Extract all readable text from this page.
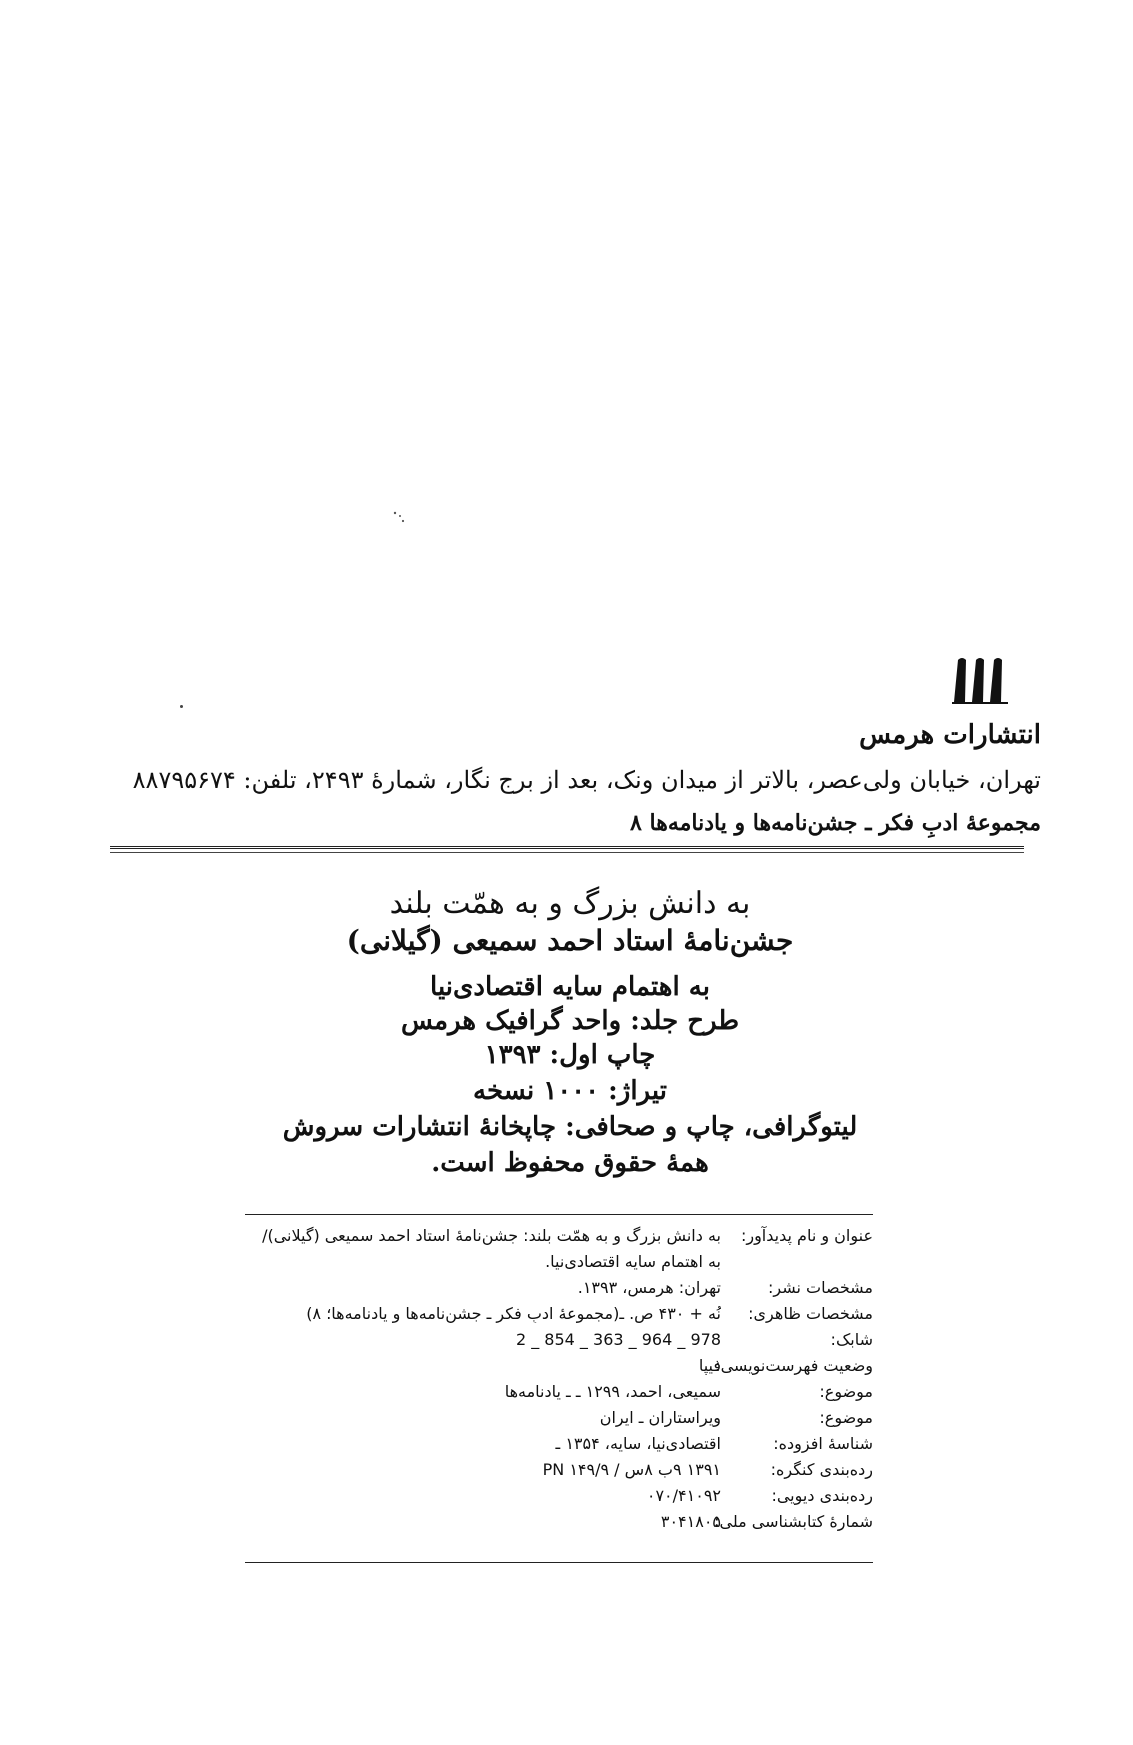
انتشارات هرمس
تهران، خیابان ولی‌عصر، بالاتر از میدان ونک، بعد از برج نگار، شمارهٔ ۲۴۹۳، تلفن: ۸۸۷۹۵۶۷۴
مجموعهٔ ادبِ فکر ـ جشن‌نامه‌ها و یادنامه‌ها ۸
به دانش بزرگ و به همّت بلند
جشن‌نامهٔ استاد احمد سمیعی (گیلانی)
به اهتمام سایه اقتصادی‌نیا
طرح جلد: واحد گرافیک هرمس
چاپ اول: ۱۳۹۳
تیراژ: ۱۰۰۰ نسخه
لیتوگرافی، چاپ و صحافی: چاپخانهٔ انتشارات سروش
همهٔ حقوق محفوظ است.
عنوان و نام پدیدآور:
به دانش بزرگ و به همّت بلند: جشن‌نامهٔ استاد احمد سمیعی (گیلانی)/
به اهتمام سایه اقتصادی‌نیا.
مشخصات نشر:
تهران: هرمس، ۱۳۹۳.
مشخصات ظاهری:
نُه + ۴۳۰ ص. ـ(مجموعهٔ ادبِ فکر ـ جشن‌نامه‌ها و یادنامه‌ها؛ ۸)
شابک:
978 _ 964 _ 363 _ 854 _ 2
وضعیت فهرست‌نویسی:
فیپا
موضوع:
سمیعی، احمد، ۱۲۹۹ ـ ـ یادنامه‌ها
موضوع:
ویراستاران ـ ایران
شناسهٔ افزوده:
اقتصادی‌نیا، سایه، ۱۳۵۴ ـ
رده‌بندی کنگره:
۱۳۹۱ ۹ب ۸س / ۱۴۹/۹ PN
رده‌بندی دیویی:
۰۷۰/۴۱۰۹۲
شمارهٔ کتابشناسی ملی:
۳۰۴۱۸۰۵
